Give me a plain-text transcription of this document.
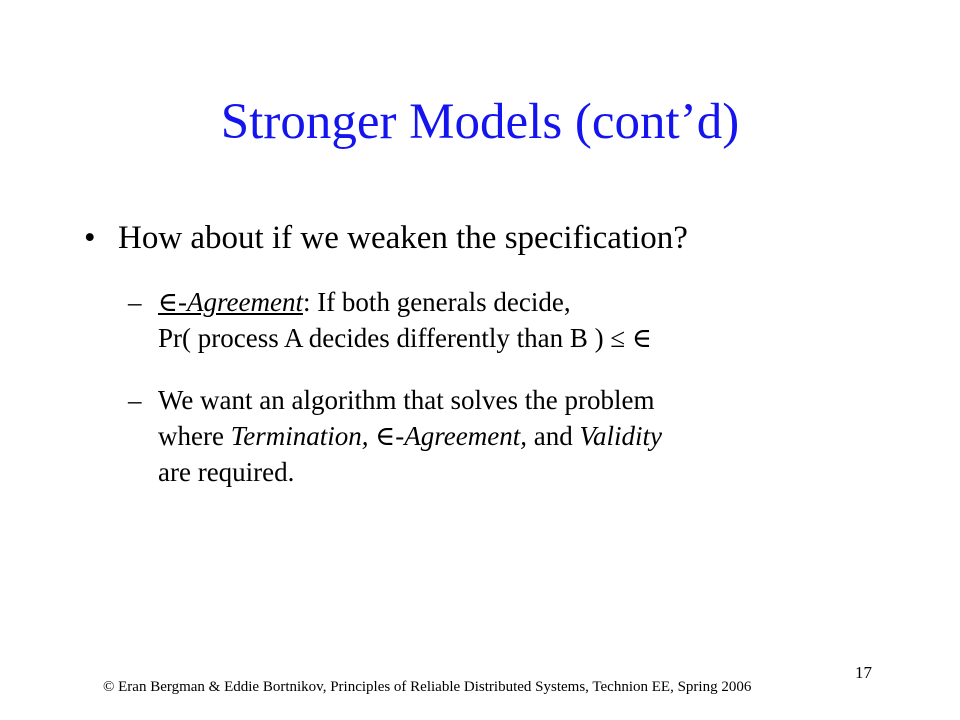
Stronger Models (cont’d)
• How about if we weaken the specification?
– ∈-Agreement: If both generals decide,
Pr( process A decides differently than B ) ≤ ∈
– We want an algorithm that solves the problem
where Termination, ∈-Agreement, and Validity
are required.
© Eran Bergman & Eddie Bortnikov, Principles of Reliable Distributed Systems, Technion EE, Spring 2006
17
